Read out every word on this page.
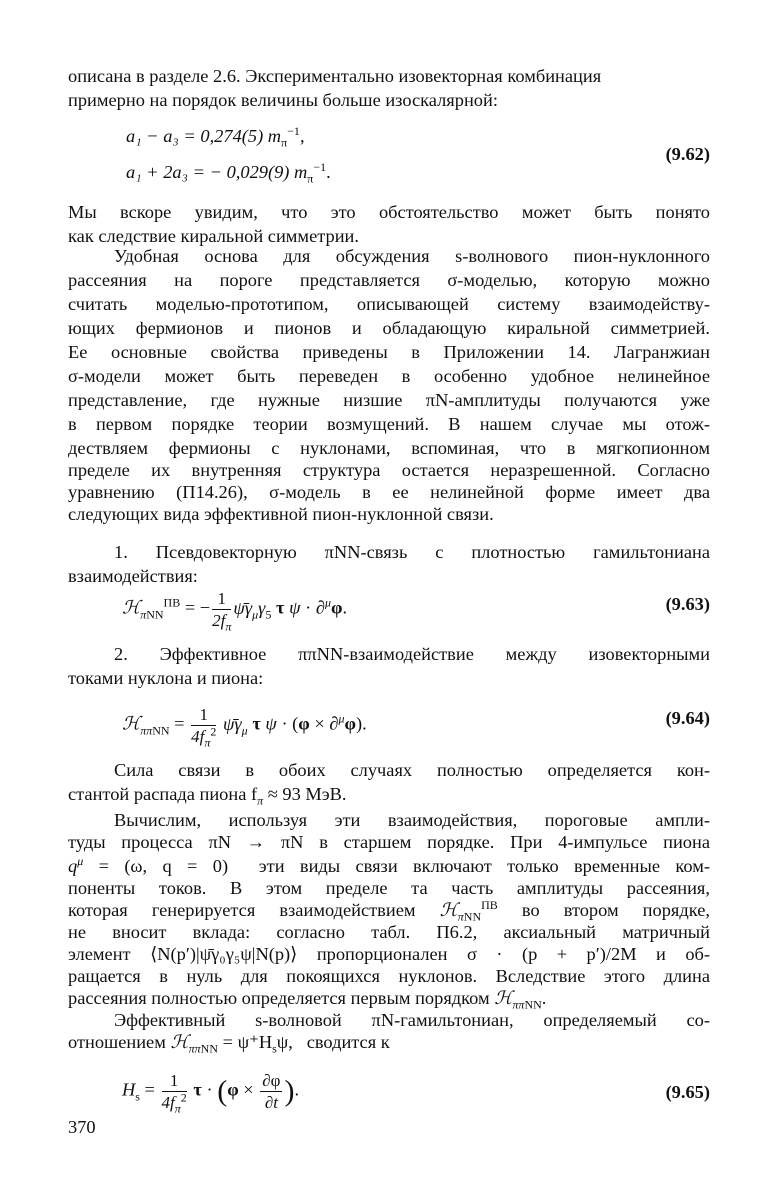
описана в разделе 2.6. Экспериментально изовекторная комбинация
примерно на порядок величины больше изоскалярной:
a₁ − a₃ = 0,274(5) $m_\pi^{-1}$,
a₁ + 2a₃ = − 0,029(9) $m_\pi^{-1}$.
(9.62)
Мы вскоре увидим, что это обстоятельство может быть понято
как следствие киральной симметрии.
Удобная основа для обсуждения s-волнового пион-нуклонного
рассеяния на пороге представляется σ-моделью, которую можно
считать моделью-прототипом, описывающей систему взаимодейству-
ющих фермионов и пионов и обладающую киральной симметрией.
Ее основные свойства приведены в Приложении 14. Лагранжиан
σ-модели может быть переведен в особенно удобное нелинейное
представление, где нужные низшие πN-амплитуды получаются уже
в первом порядке теории возмущений. В нашем случае мы отож-
дествляем фермионы с нуклонами, вспоминая, что в мягкопионном
пределе их внутренняя структура остается неразрешенной. Согласно
уравнению (П14.26), σ-модель в ее нелинейной форме имеет два
следующих вида эффективной пион-нуклонной связи.
1. Псевдовекторную πNN-связь с плотностью гамильтониана
взаимодействия:
ℋ$_{\pi NN}^{ПВ}$ = − $\frac{1}{2f_\pi}$ $\psī\gamma_\mu\gamma_5$ τ ψ · ∂$^\mu$φ.	(9.63)
2. Эффективное ππNN-взаимодействие между изовекторными
токами нуклона и пиона:
ℋ$_{\pi\pi NN}$ = $\frac{1}{4f_\pi^2}$ $\psī\gamma_\mu$ τ ψ · (φ × ∂$^\mu$φ).	(9.64)
Сила связи в обоих случаях полностью определяется кон-
стантой распада пиона $f_\pi \approx 93$ МэВ.
Вычислим, используя эти взаимодействия, пороговые ампли-
туды процесса πN → πN в старшем порядке. При 4-импульсе пиона
$q^\mu = (\omega$, q = 0) эти виды связи включают только временные ком-
поненты токов. В этом пределе та часть амплитуды рассеяния,
которая генерируется взаимодействием ℋ$_{\pi NN}^{ПВ}$ во втором порядке,
не вносит вклада: согласно табл. П6.2, аксиальный матричный
элемент ⟨N(p′)|ψ̄γ₀γ₅ψ|N(p)⟩ пропорционален σ · (p + p′)/2M и об-
ращается в нуль для покоящихся нуклонов. Вследствие этого длина
рассеяния полностью определяется первым порядком ℋ$_{\pi\pi NN}$.
Эффективный s-волновой πN-гамильтониан, определяемый со-
отношением ℋ$_{\pi\pi NN}$ = $\psi^+H_s\psi$, сводится к
$H_s = \frac{1}{4f_\pi^2}$ $\tau \cdot (\varphi \times \frac{\partial\varphi}{\partial t}$ ).	(9.65)
370
